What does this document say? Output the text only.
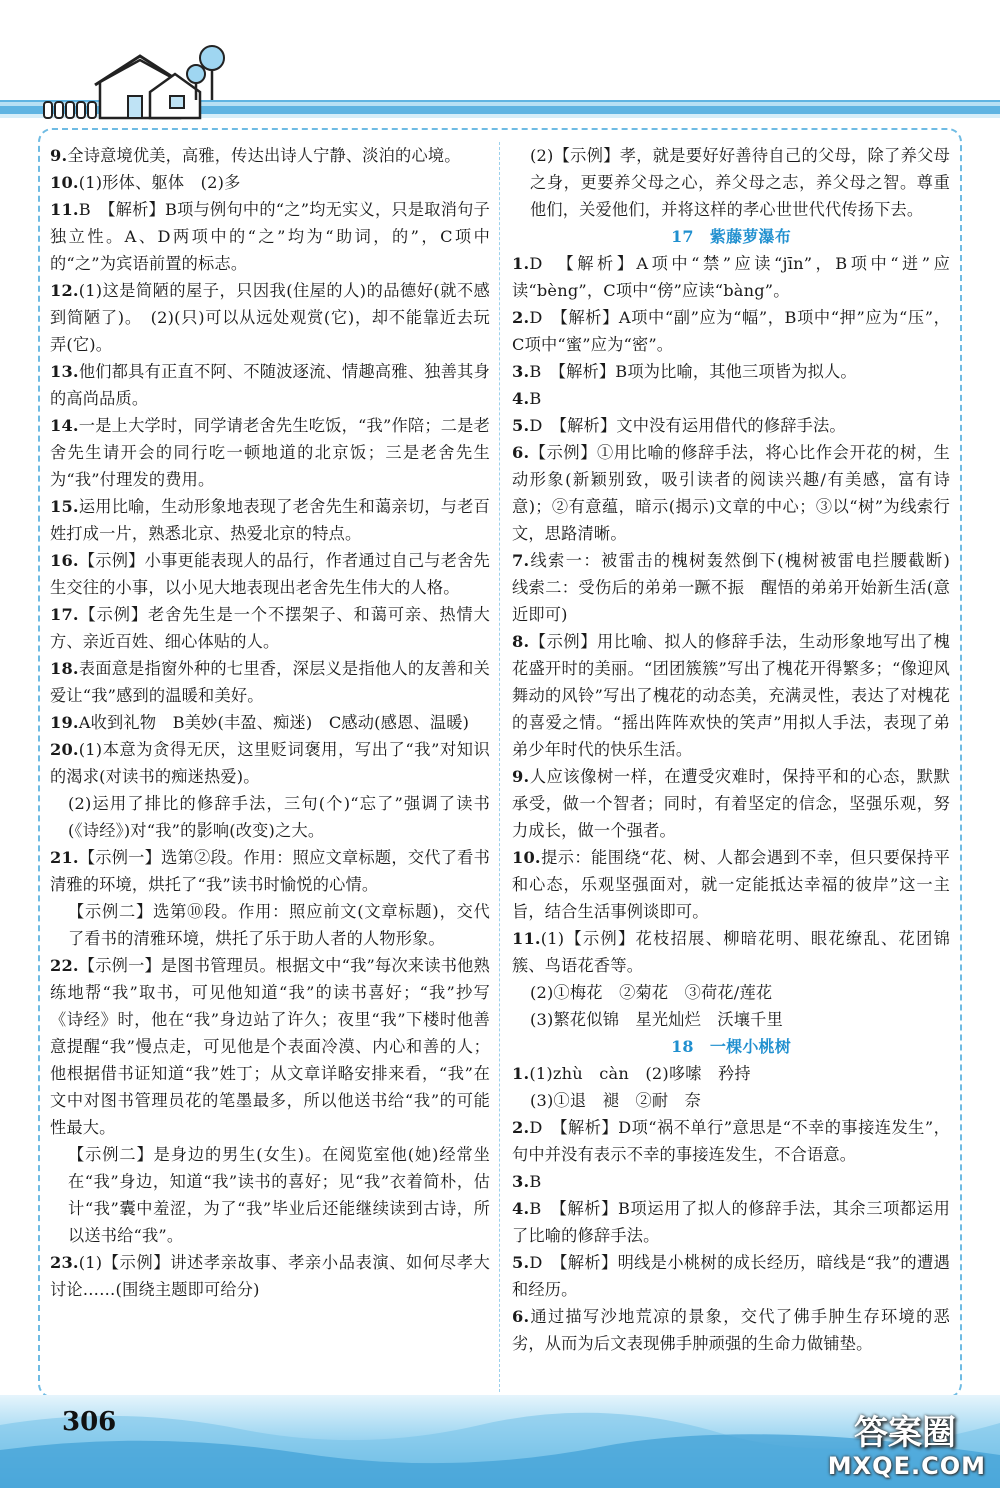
9.全诗意境优美，高雅，传达出诗人宁静、淡泊的心境。

10.(1)形体、躯体　(2)多

11.B　【解析】B项与例句中的“之”均无实义，只是取消句子独立性。A、D两项中的“之”均为“助词，的”，C项中的“之”为宾语前置的标志。

12.(1)这是简陋的屋子，只因我(住屋的人)的品德好(就不感到简陋了)。　(2)(只)可以从远处观赏(它)，却不能靠近去玩弄(它)。

13.他们都具有正直不阿、不随波逐流、情趣高雅、独善其身的高尚品质。

14.一是上大学时，同学请老舍先生吃饭，“我”作陪；二是老舍先生请开会的同行吃一顿地道的北京饭；三是老舍先生为“我”付理发的费用。

15.运用比喻，生动形象地表现了老舍先生和蔼亲切，与老百姓打成一片，熟悉北京、热爱北京的特点。

16.【示例】小事更能表现人的品行，作者通过自己与老舍先生交往的小事，以小见大地表现出老舍先生伟大的人格。

17.【示例】老舍先生是一个不摆架子、和蔼可亲、热情大方、亲近百姓、细心体贴的人。

18.表面意是指窗外种的七里香，深层义是指他人的友善和关爱让“我”感到的温暖和美好。

19.A收到礼物　B美妙(丰盈、痴迷)　C感动(感恩、温暖)

20.(1)本意为贪得无厌，这里贬词褒用，写出了“我”对知识的渴求(对读书的痴迷热爱)。

(2)运用了排比的修辞手法，三句(个)“忘了”强调了读书(《诗经》)对“我”的影响(改变)之大。

21.【示例一】选第②段。作用：照应文章标题，交代了看书清雅的环境，烘托了“我”读书时愉悦的心情。

【示例二】选第⑩段。作用：照应前文(文章标题)，交代了看书的清雅环境，烘托了乐于助人者的人物形象。

22.【示例一】是图书管理员。根据文中“我”每次来读书他熟练地帮“我”取书，可见他知道“我”的读书喜好；“我”抄写《诗经》时，他在“我”身边站了许久；夜里“我”下楼时他善意提醒“我”慢点走，可见他是个表面冷漠、内心和善的人；他根据借书证知道“我”姓丁；从文章详略安排来看，“我”在文中对图书管理员花的笔墨最多，所以他送书给“我”的可能性最大。

【示例二】是身边的男生(女生)。在阅览室他(她)经常坐在“我”身边，知道“我”读书的喜好；见“我”衣着简朴，估计“我”囊中羞涩，为了“我”毕业后还能继续读到古诗，所以送书给“我”。

23.(1)【示例】讲述孝亲故事、孝亲小品表演、如何尽孝大讨论……(围绕主题即可给分)

(2)【示例】孝，就是要好好善待自己的父母，除了养父母之身，更要养父母之心，养父母之志，养父母之智。尊重他们，关爱他们，并将这样的孝心世世代代传扬下去。

17　紫藤萝瀑布

1.D　【解析】A项中“禁”应读“jīn”，B项中“迸”应读“bèng”，C项中“傍”应读“bàng”。

2.D　【解析】A项中“副”应为“幅”，B项中“押”应为“压”，C项中“蜜”应为“密”。

3.B　【解析】B项为比喻，其他三项皆为拟人。

4.B

5.D　【解析】文中没有运用借代的修辞手法。

6.【示例】①用比喻的修辞手法，将心比作会开花的树，生动形象(新颖别致，吸引读者的阅读兴趣/有美感，富有诗意)；②有意蕴，暗示(揭示)文章的中心；③以“树”为线索行文，思路清晰。

7.线索一：被雷击的槐树轰然倒下(槐树被雷电拦腰截断)　线索二：受伤后的弟弟一蹶不振　醒悟的弟弟开始新生活(意近即可)

8.【示例】用比喻、拟人的修辞手法，生动形象地写出了槐花盛开时的美丽。“团团簇簇”写出了槐花开得繁多；“像迎风舞动的风铃”写出了槐花的动态美，充满灵性，表达了对槐花的喜爱之情。“摇出阵阵欢快的笑声”用拟人手法，表现了弟弟少年时代的快乐生活。

9.人应该像树一样，在遭受灾难时，保持平和的心态，默默承受，做一个智者；同时，有着坚定的信念，坚强乐观，努力成长，做一个强者。

10.提示：能围绕“花、树、人都会遇到不幸，但只要保持平和心态，乐观坚强面对，就一定能抵达幸福的彼岸”这一主旨，结合生活事例谈即可。

11.(1)【示例】花枝招展、柳暗花明、眼花缭乱、花团锦簇、鸟语花香等。

(2)①梅花　②菊花　③荷花/莲花

(3)繁花似锦　星光灿烂　沃壤千里

18　一棵小桃树

1.(1)zhù　càn　(2)哆嗦　矜持

(3)①退　褪　②耐　奈

2.D　【解析】D项“祸不单行”意思是“不幸的事接连发生”，句中并没有表示不幸的事接连发生，不合语意。

3.B

4.B　【解析】B项运用了拟人的修辞手法，其余三项都运用了比喻的修辞手法。

5.D　【解析】明线是小桃树的成长经历，暗线是“我”的遭遇和经历。

6.通过描写沙地荒凉的景象，交代了佛手肿生存环境的恶劣，从而为后文表现佛手肿顽强的生命力做铺垫。

306	答案圈
MXQE.COM
